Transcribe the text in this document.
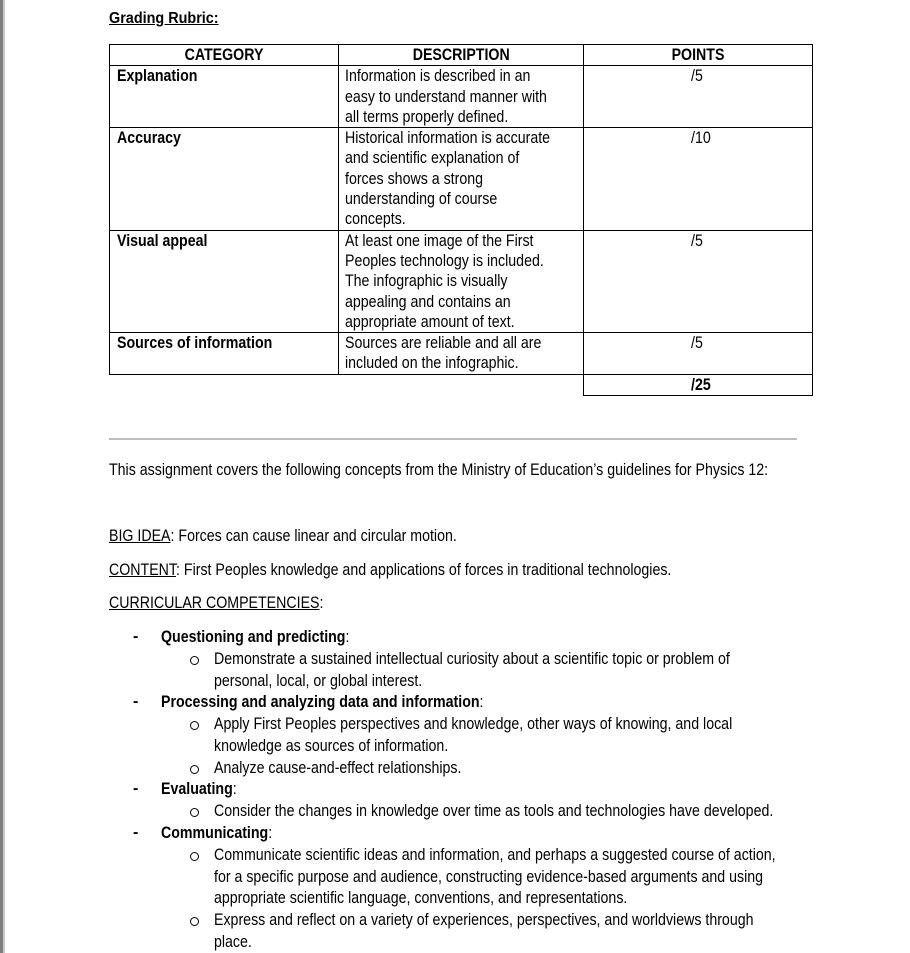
Grading Rubric:
CATEGORY	DESCRIPTION	POINTS

Explanation	Information is described in an
easy to understand manner with
all terms properly defined.	/5

Accuracy	Historical information is accurate
and scientific explanation of
forces shows a strong
understanding of course
concepts.	/10

Visual appeal	At least one image of the First
Peoples technology is included.
The infographic is visually
appealing and contains an
appropriate amount of text.	/5

Sources of information	Sources are reliable and all are
included on the infographic.	/5
		/25
This assignment covers the following concepts from the Ministry of Education’s guidelines for Physics 12:
BIG IDEA: Forces can cause linear and circular motion.
CONTENT: First Peoples knowledge and applications of forces in traditional technologies.
CURRICULAR COMPETENCIES:
- Questioning and predicting:
Demonstrate a sustained intellectual curiosity about a scientific topic or problem of
personal, local, or global interest.
- Processing and analyzing data and information:
Apply First Peoples perspectives and knowledge, other ways of knowing, and local
knowledge as sources of information.
Analyze cause-and-effect relationships.
- Evaluating:
Consider the changes in knowledge over time as tools and technologies have developed.
- Communicating:
Communicate scientific ideas and information, and perhaps a suggested course of action,
for a specific purpose and audience, constructing evidence-based arguments and using
appropriate scientific language, conventions, and representations.
Express and reflect on a variety of experiences, perspectives, and worldviews through
place.
